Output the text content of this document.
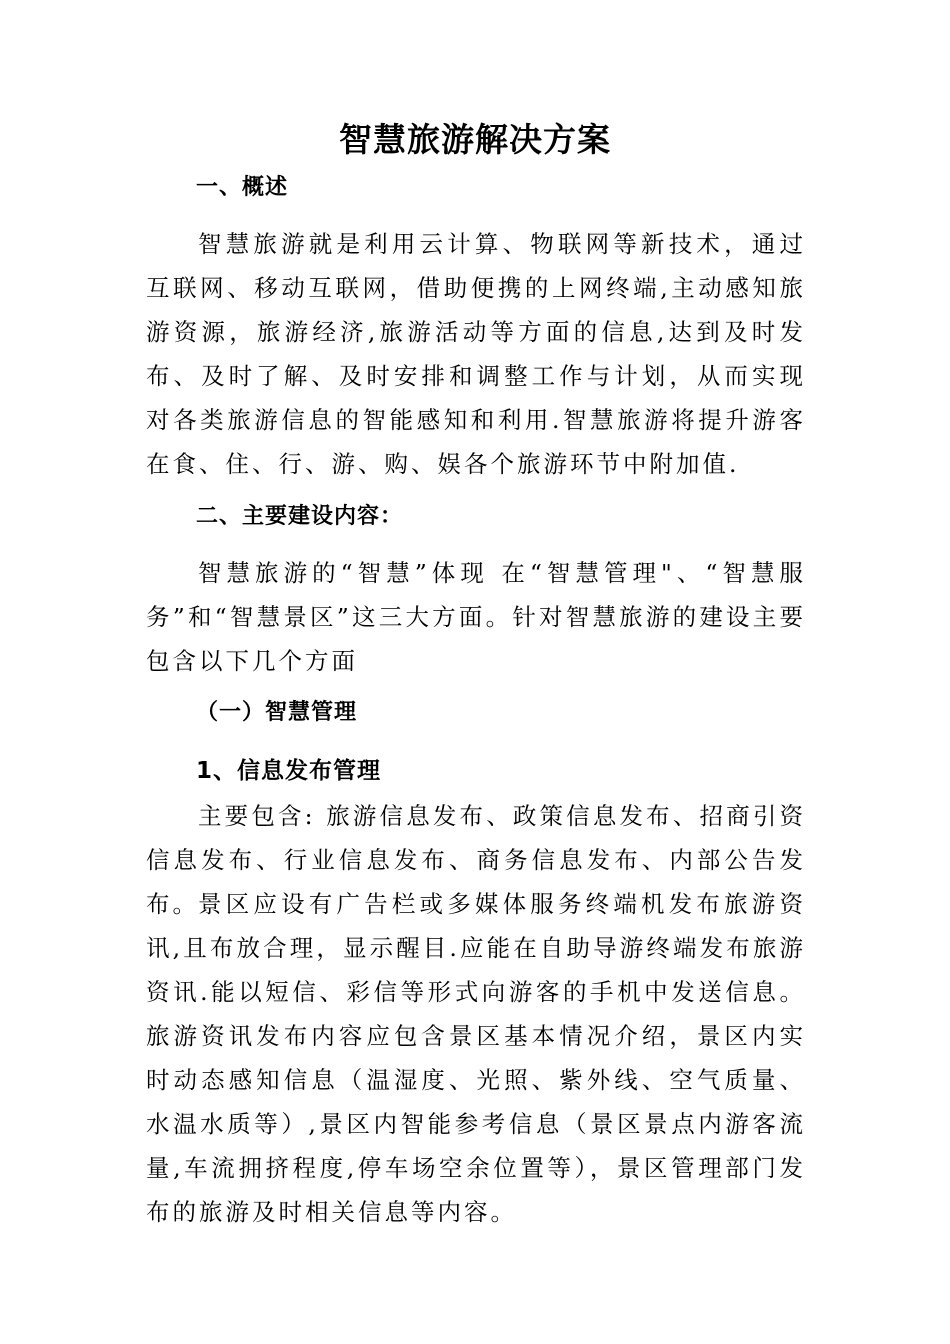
智慧旅游解决方案
一、概述
智慧旅游就是利用云计算、物联网等新技术，通过互联网、移动互联网，借助便携的上网终端,主动感知旅游资源，旅游经济,旅游活动等方面的信息,达到及时发布、及时了解、及时安排和调整工作与计划，从而实现对各类旅游信息的智能感知和利用.智慧旅游将提升游客在食、住、行、游、购、娱各个旅游环节中附加值.
二、主要建设内容：
智慧旅游的“智慧”体现 在“智慧管理"、“智慧服务”和“智慧景区”这三大方面。针对智慧旅游的建设主要包含以下几个方面
（一）智慧管理
1、信息发布管理
主要包含: 旅游信息发布、政策信息发布、招商引资信息发布、行业信息发布、商务信息发布、内部公告发布。 景区应设有广告栏或多媒体服务终端机发布旅游资讯,且布放合理，显示醒目.应能在自助导游终端发布旅游资讯.能以短信、彩信等形式向游客的手机中发送信息。旅游资讯发布内容应包含景区基本情况介绍，景区内实时动态感知信息（温湿度、光照、紫外线、空气质量、水温水质等）,景区内智能参考信息（景区景点内游客流量,车流拥挤程度,停车场空余位置等），景区管理部门发布的旅游及时相关信息等内容。
